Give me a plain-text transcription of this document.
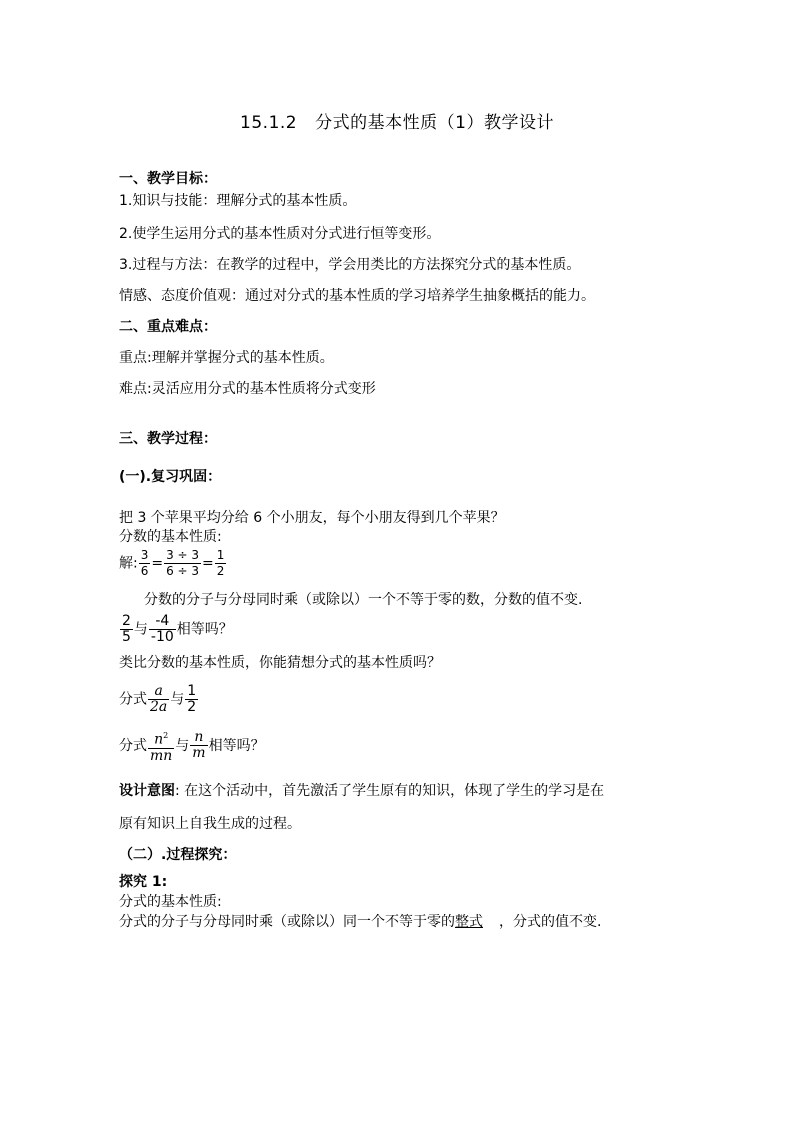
15.1.2 分式的基本性质（1）教学设计
一、教学目标：
1.知识与技能：理解分式的基本性质。
2.使学生运用分式的基本性质对分式进行恒等变形。
3.过程与方法：在教学的过程中，学会用类比的方法探究分式的基本性质。
情感、态度价值观：通过对分式的基本性质的学习培养学生抽象概括的能力。
二、重点难点：
重点:理解并掌握分式的基本性质。
难点:灵活应用分式的基本性质将分式变形
三、教学过程：
(一).复习巩固：
把 3 个苹果平均分给 6 个小朋友，每个小朋友得到几个苹果？
分数的基本性质:
解: $\frac{3}{6} = \frac{3 \div 3}{6 \div 3} = \frac{1}{2}$
分数的分子与分母同时乘（或除以）一个不等于零的数，分数的值不变.
$\frac{2}{5}$ 与 $\frac{-4}{-10}$ 相等吗？
类比分数的基本性质，你能猜想分式的基本性质吗？
分式 $\frac{a}{2a}$ 与 $\frac{1}{2}$
分式 $\frac{n^2}{mn}$ 与 $\frac{n}{m}$ 相等吗？
设计意图: 在这个活动中，首先激活了学生原有的知识，体现了学生的学习是在
原有知识上自我生成的过程。
（二）.过程探究：
探究 1:
分式的基本性质:
分式的分子与分母同时乘（或除以）同一个不等于零的整式 ，分式的值不变.
